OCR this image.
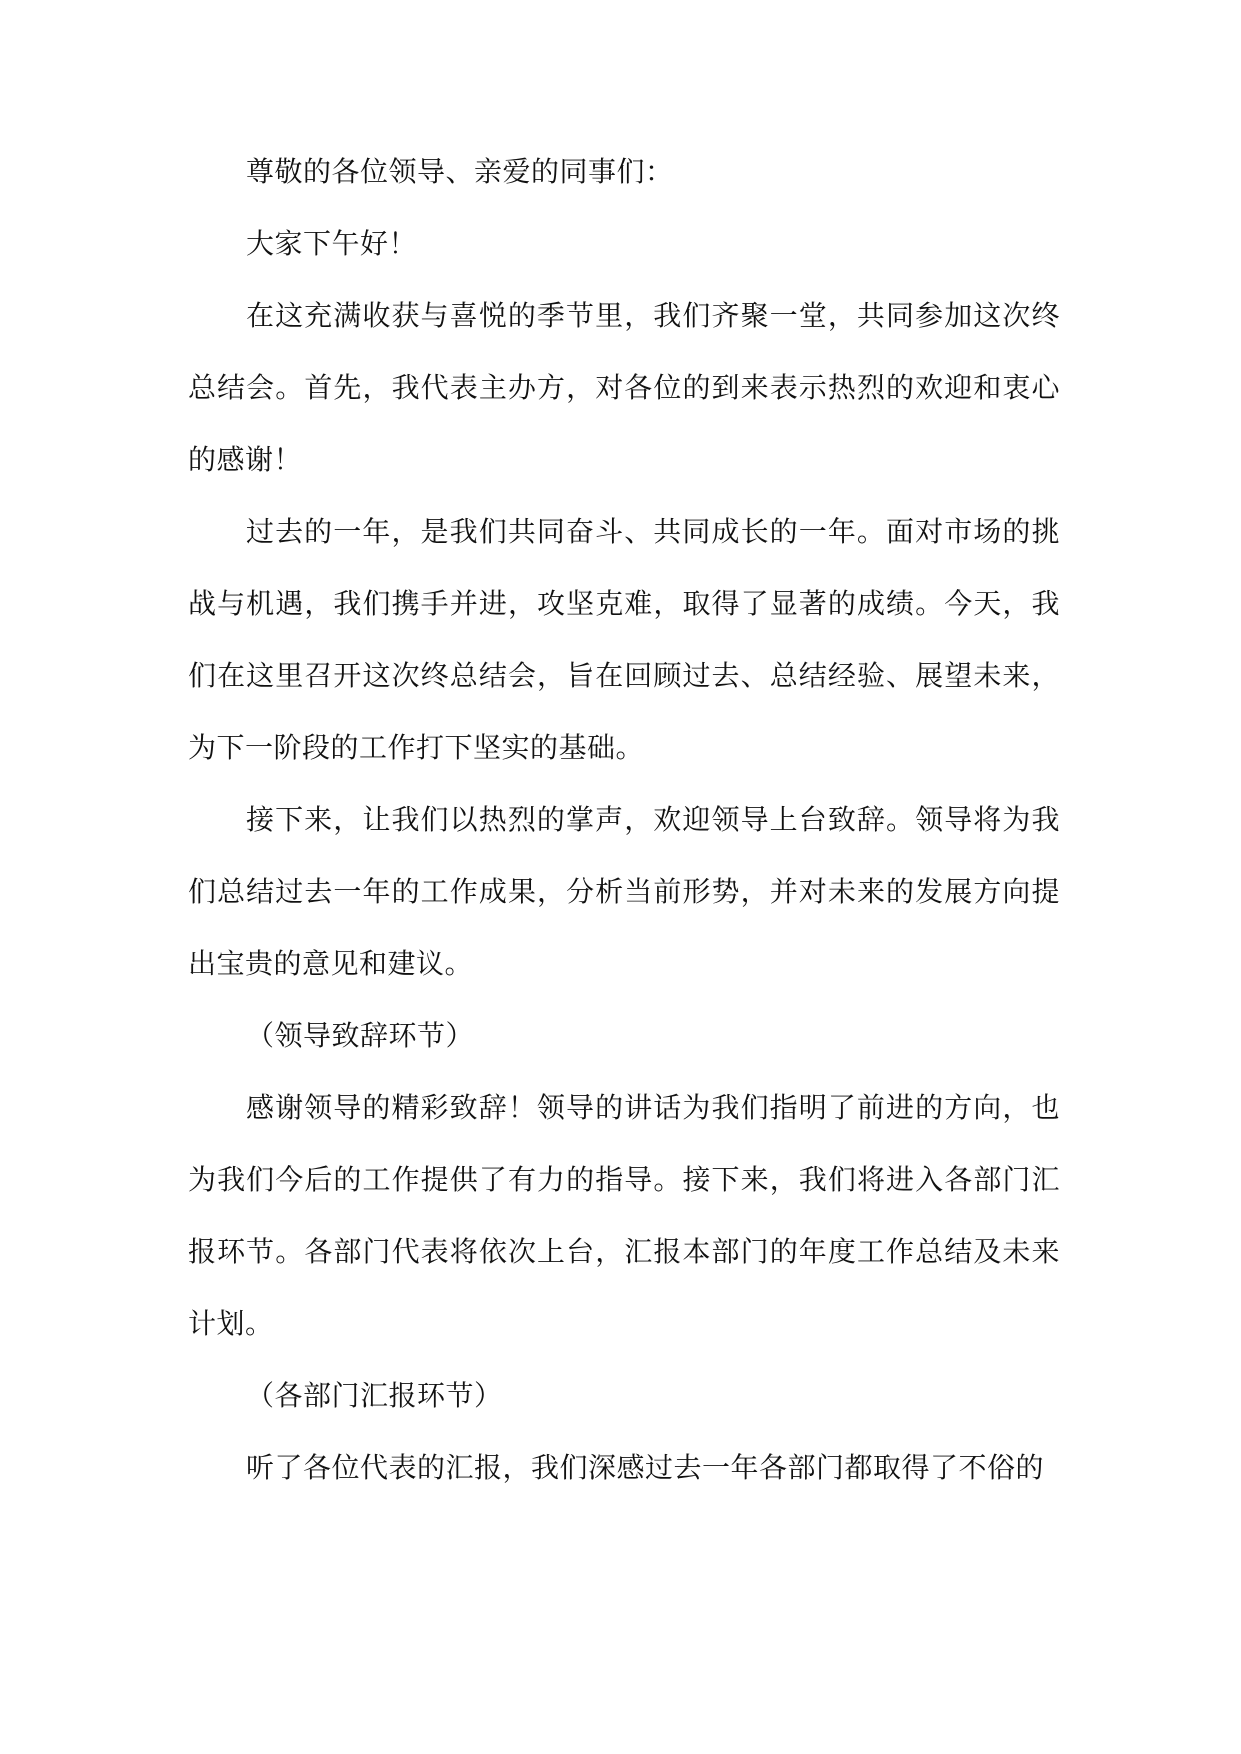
尊敬的各位领导、亲爱的同事们：

大家下午好！

在这充满收获与喜悦的季节里，我们齐聚一堂，共同参加这次终总结会。首先，我代表主办方，对各位的到来表示热烈的欢迎和衷心的感谢！

过去的一年，是我们共同奋斗、共同成长的一年。面对市场的挑战与机遇，我们携手并进，攻坚克难，取得了显著的成绩。今天，我们在这里召开这次终总结会，旨在回顾过去、总结经验、展望未来，为下一阶段的工作打下坚实的基础。

接下来，让我们以热烈的掌声，欢迎领导上台致辞。领导将为我们总结过去一年的工作成果，分析当前形势，并对未来的发展方向提出宝贵的意见和建议。

（领导致辞环节）

感谢领导的精彩致辞！领导的讲话为我们指明了前进的方向，也为我们今后的工作提供了有力的指导。接下来，我们将进入各部门汇报环节。各部门代表将依次上台，汇报本部门的年度工作总结及未来计划。

（各部门汇报环节）

听了各位代表的汇报，我们深感过去一年各部门都取得了不俗的
